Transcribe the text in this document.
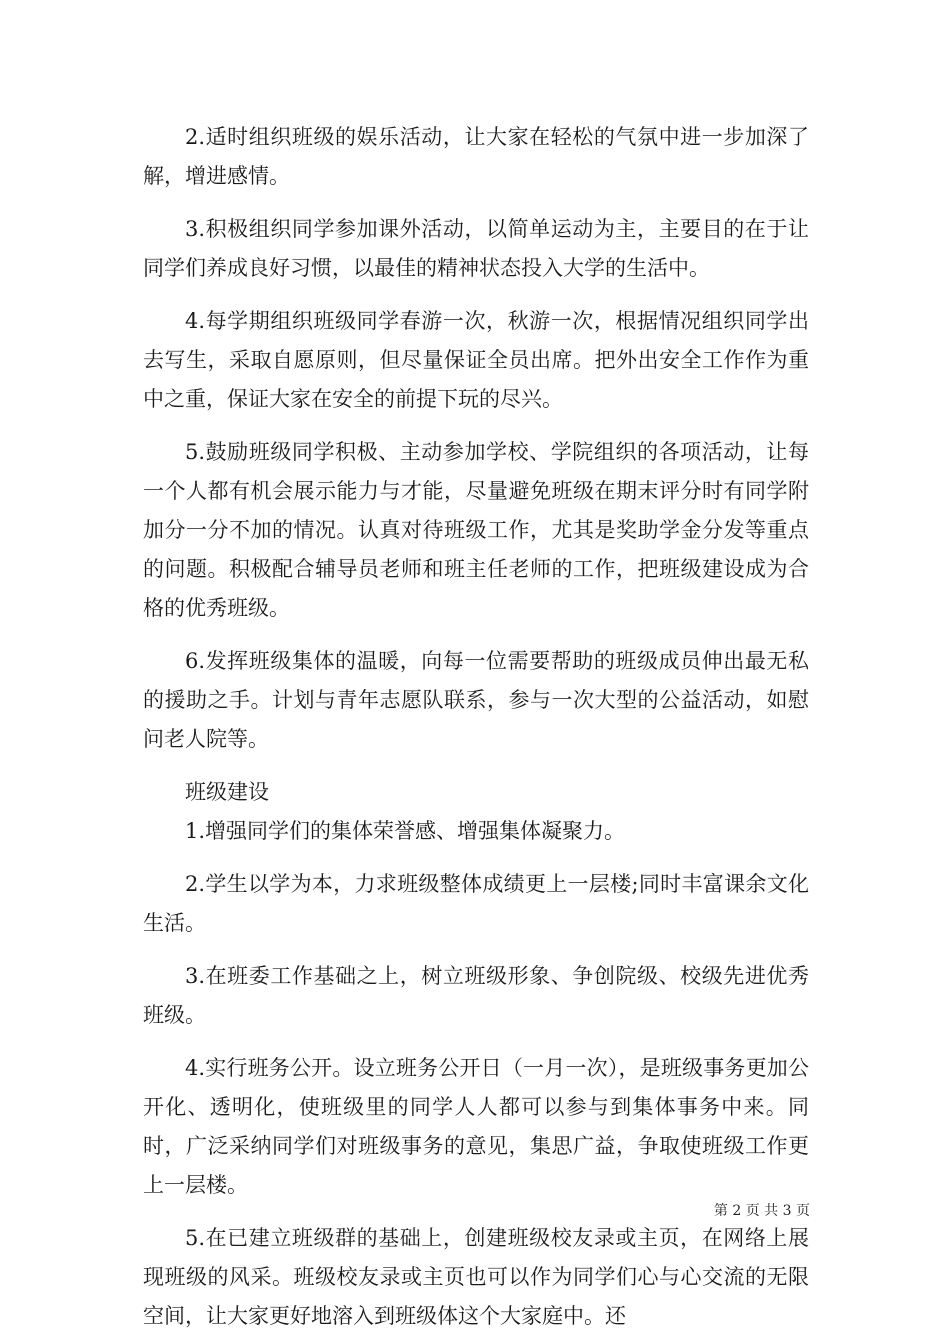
2.适时组织班级的娱乐活动，让大家在轻松的气氛中进一步加深了解，增进感情。

3.积极组织同学参加课外活动，以简单运动为主，主要目的在于让同学们养成良好习惯，以最佳的精神状态投入大学的生活中。

4.每学期组织班级同学春游一次，秋游一次，根据情况组织同学出去写生，采取自愿原则，但尽量保证全员出席。把外出安全工作作为重中之重，保证大家在安全的前提下玩的尽兴。

5.鼓励班级同学积极、主动参加学校、学院组织的各项活动，让每一个人都有机会展示能力与才能，尽量避免班级在期末评分时有同学附加分一分不加的情况。认真对待班级工作，尤其是奖助学金分发等重点的问题。积极配合辅导员老师和班主任老师的工作，把班级建设成为合格的优秀班级。

6.发挥班级集体的温暖，向每一位需要帮助的班级成员伸出最无私的援助之手。计划与青年志愿队联系，参与一次大型的公益活动，如慰问老人院等。

班级建设

1.增强同学们的集体荣誉感、增强集体凝聚力。

2.学生以学为本，力求班级整体成绩更上一层楼;同时丰富课余文化生活。

3.在班委工作基础之上，树立班级形象、争创院级、校级先进优秀班级。

4.实行班务公开。设立班务公开日（一月一次），是班级事务更加公开化、透明化，使班级里的同学人人都可以参与到集体事务中来。同时，广泛采纳同学们对班级事务的意见，集思广益，争取使班级工作更上一层楼。

5.在已建立班级群的基础上，创建班级校友录或主页，在网络上展现班级的风采。班级校友录或主页也可以作为同学们心与心交流的无限空间，让大家更好地溶入到班级体这个大家庭中。还

第 2 页 共 3 页
